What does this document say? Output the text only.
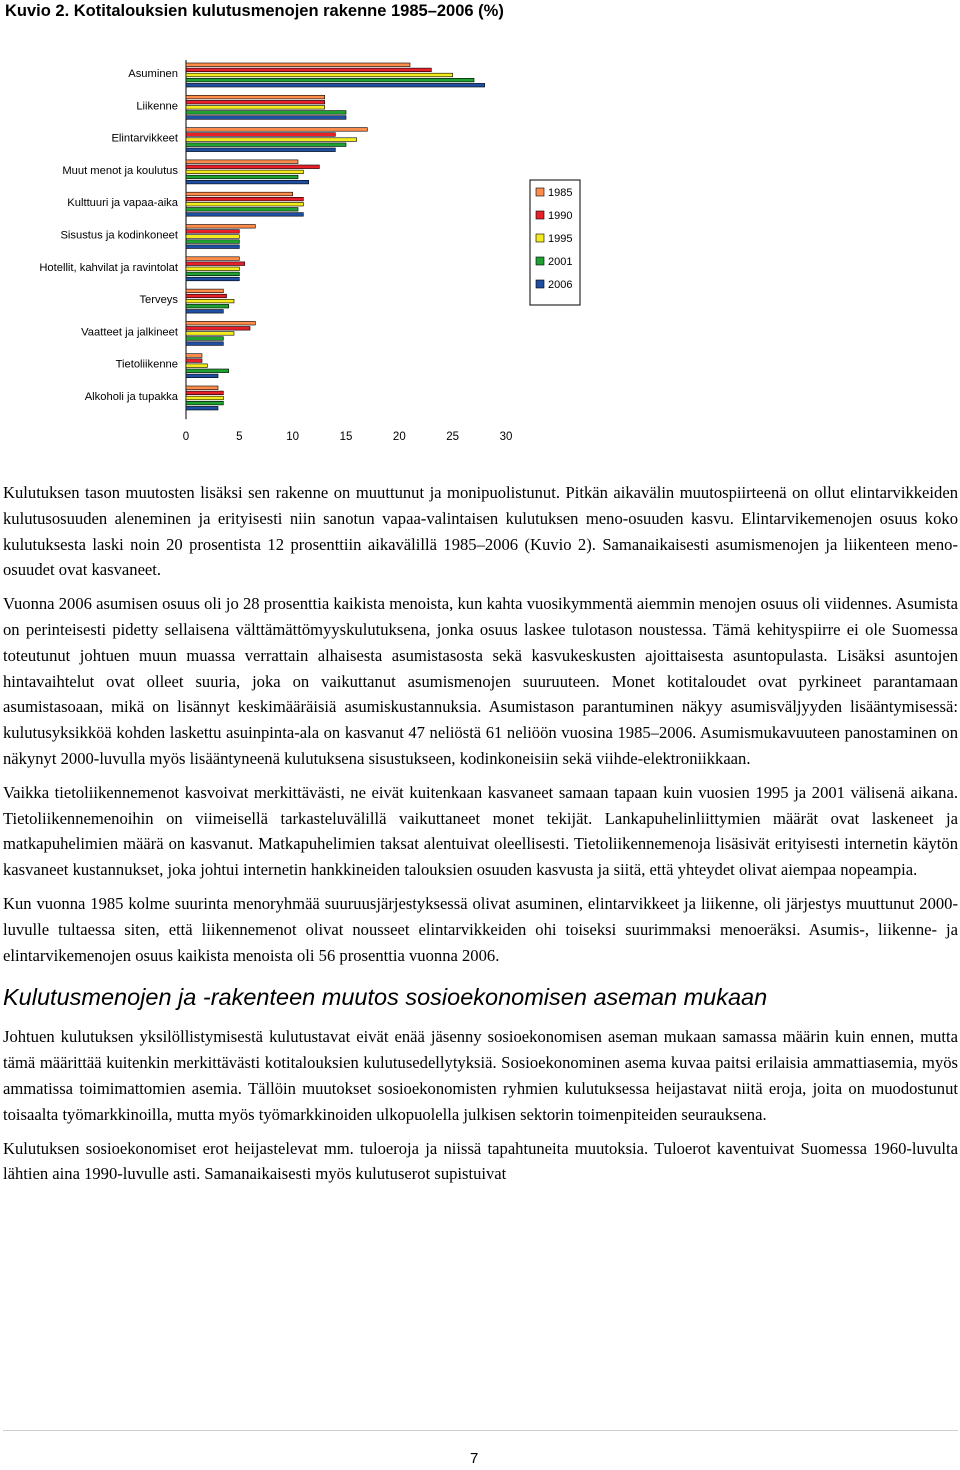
Kuvio 2. Kotitalouksien kulutusmenojen rakenne 1985–2006 (%)
Asuminen
Liikenne
Elintarvikkeet
Muut menot ja koulutus
Kulttuuri ja vapaa-aika
Sisustus ja kodinkoneet
Hotellit, kahvilat ja ravintolat
Terveys
Vaatteet ja jalkineet
Tietoliikenne
Alkoholi ja tupakka
0	5	10	15	20	25	30
1985
1990
1995
2001
2006

Kulutuksen tason muutosten lisäksi sen rakenne on muuttunut ja monipuolistunut. Pitkän aikavälin muutospiirteenä on ollut elintarvikkeiden kulutusosuuden aleneminen ja erityisesti niin sanotun vapaa-valintaisen kulutuksen meno-osuuden kasvu. Elintarvikemenojen osuus koko kulutuksesta laski noin 20 prosentista 12 prosenttiin aikavälillä 1985–2006 (Kuvio 2). Samanaikaisesti asumismenojen ja liikenteen meno-osuudet ovat kasvaneet.

Vuonna 2006 asumisen osuus oli jo 28 prosenttia kaikista menoista, kun kahta vuosikymmentä aiemmin menojen osuus oli viidennes. Asumista on perinteisesti pidetty sellaisena välttämättömyyskulutuksena, jonka osuus laskee tulotason noustessa. Tämä kehityspiirre ei ole Suomessa toteutunut johtuen muun muassa verrattain alhaisesta asumistasosta sekä kasvukeskusten ajoittaisesta asuntopulasta. Lisäksi asuntojen hintavaihtelut ovat olleet suuria, joka on vaikuttanut asumismenojen suuruuteen. Monet kotitaloudet ovat pyrkineet parantamaan asumistasoaan, mikä on lisännyt keskimääräisiä asumiskustannuksia. Asumistason parantuminen näkyy asumisväljyyden lisääntymisessä: kulutusyksikköä kohden laskettu asuinpinta-ala on kasvanut 47 neliöstä 61 neliöön vuosina 1985–2006. Asumismukavuuteen panostaminen on näkynyt 2000-luvulla myös lisääntyneenä kulutuksena sisustukseen, kodinkoneisiin sekä viihde-elektroniikkaan.

Vaikka tietoliikennemenot kasvoivat merkittävästi, ne eivät kuitenkaan kasvaneet samaan tapaan kuin vuosien 1995 ja 2001 välisenä aikana. Tietoliikennemenoihin on viimeisellä tarkasteluvälillä vaikuttaneet monet tekijät. Lankapuhelinliittymien määrät ovat laskeneet ja matkapuhelimien määrä on kasvanut. Matkapuhelimien taksat alentuivat oleellisesti. Tietoliikennemenoja lisäsivät erityisesti internetin käytön kasvaneet kustannukset, joka johtui internetin hankkineiden talouksien osuuden kasvusta ja siitä, että yhteydet olivat aiempaa nopeampia.

Kun vuonna 1985 kolme suurinta menoryhmää suuruusjärjestyksessä olivat asuminen, elintarvikkeet ja liikenne, oli järjestys muuttunut 2000-luvulle tultaessa siten, että liikennemenot olivat nousseet elintarvikkeiden ohi toiseksi suurimmaksi menoeräksi. Asumis-, liikenne- ja elintarvikemenojen osuus kaikista menoista oli 56 prosenttia vuonna 2006.

Kulutusmenojen ja -rakenteen muutos sosioekonomisen aseman mukaan

Johtuen kulutuksen yksilöllistymisestä kulutustavat eivät enää jäsenny sosioekonomisen aseman mukaan samassa määrin kuin ennen, mutta tämä määrittää kuitenkin merkittävästi kotitalouksien kulutusedellytyksiä. Sosioekonominen asema kuvaa paitsi erilaisia ammattiasemia, myös ammatissa toimimattomien asemia. Tällöin muutokset sosioekonomisten ryhmien kulutuksessa heijastavat niitä eroja, joita on muodostunut toisaalta työmarkkinoilla, mutta myös työmarkkinoiden ulkopuolella julkisen sektorin toimenpiteiden seurauksena.

Kulutuksen sosioekonomiset erot heijastelevat mm. tuloeroja ja niissä tapahtuneita muutoksia. Tuloerot kaventuivat Suomessa 1960-luvulta lähtien aina 1990-luvulle asti. Samanaikaisesti myös kulutuserot supistuivat

7
